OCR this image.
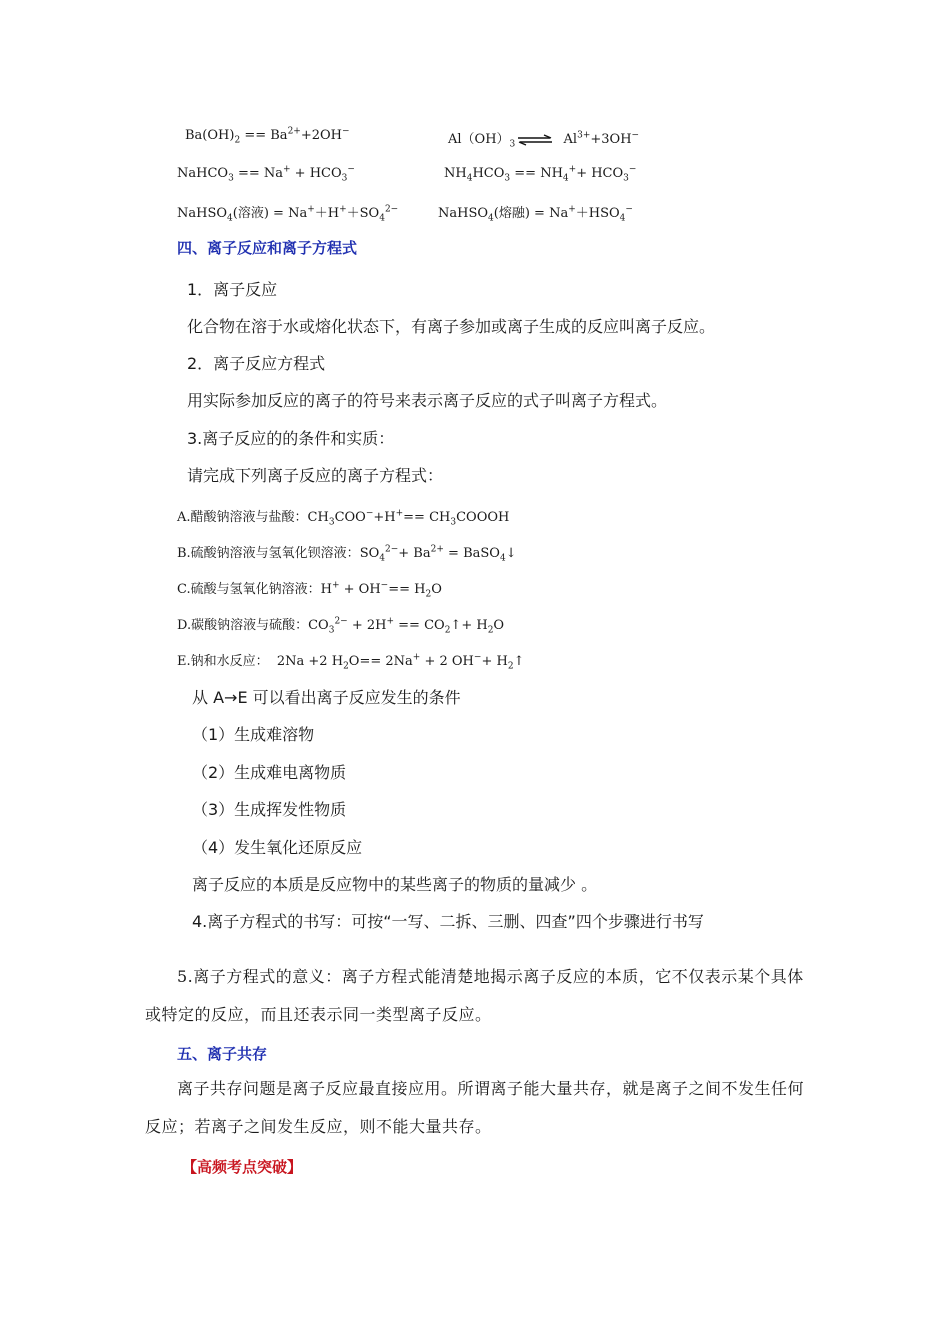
$Ba(OH)_2 == Ba^{2+}+2OH^-$
$Al(OH)_3$ ⇌ $Al^{3+}+3OH^-$
NaHCO$_3$ == $Na^+ + HCO_3^-$	$NH_4HCO_3 == NH_4^++ HCO_3^-$
NaHSO$_4$(溶液) = $Na^++H^++SO_4^{2-}$	NaHSO$_4$(熔融) = $Na^++HSO_4^-$
四、离子反应和离子方程式
1．离子反应
化合物在溶于水或熔化状态下，有离子参加或离子生成的反应叫离子反应。
2．离子反应方程式
用实际参加反应的离子的符号来表示离子反应的式子叫离子方程式。
3.离子反应的的条件和实质：
请完成下列离子反应的离子方程式：
A.醋酸钠溶液与盐酸：$CH_3COO^-+H^+==$ $CH_3COOOH$
B.硫酸钠溶液与氢氧化钡溶液：$SO_4^{2-}+ Ba^{2+}$ = BaSO$_4$↓
C.硫酸与氢氧化钠溶液：$H^+ + OH^-== H_2O$
D.碳酸钠溶液与硫酸：$CO_3^{2-} + 2H^+$ == $CO_2↑+ H_2O$
E.钠和水反应： 2Na +2 $H_2O== 2Na^+ + 2$ $OH^-+ H_2↑$
从 A→E 可以看出离子反应发生的条件
（1）生成难溶物
（2）生成难电离物质
（3）生成挥发性物质
（4）发生氧化还原反应
离子反应的本质是反应物中的某些离子的物质的量减少 。
4.离子方程式的书写：可按“一写、二拆、三删、四查”四个步骤进行书写
5.离子方程式的意义：离子方程式能清楚地揭示离子反应的本质，它不仅表示某个具体或特定的反应，而且还表示同一类型离子反应。
五、离子共存
离子共存问题是离子反应最直接应用。所谓离子能大量共存，就是离子之间不发生任何反应；若离子之间发生反应，则不能大量共存。
【高频考点突破】
